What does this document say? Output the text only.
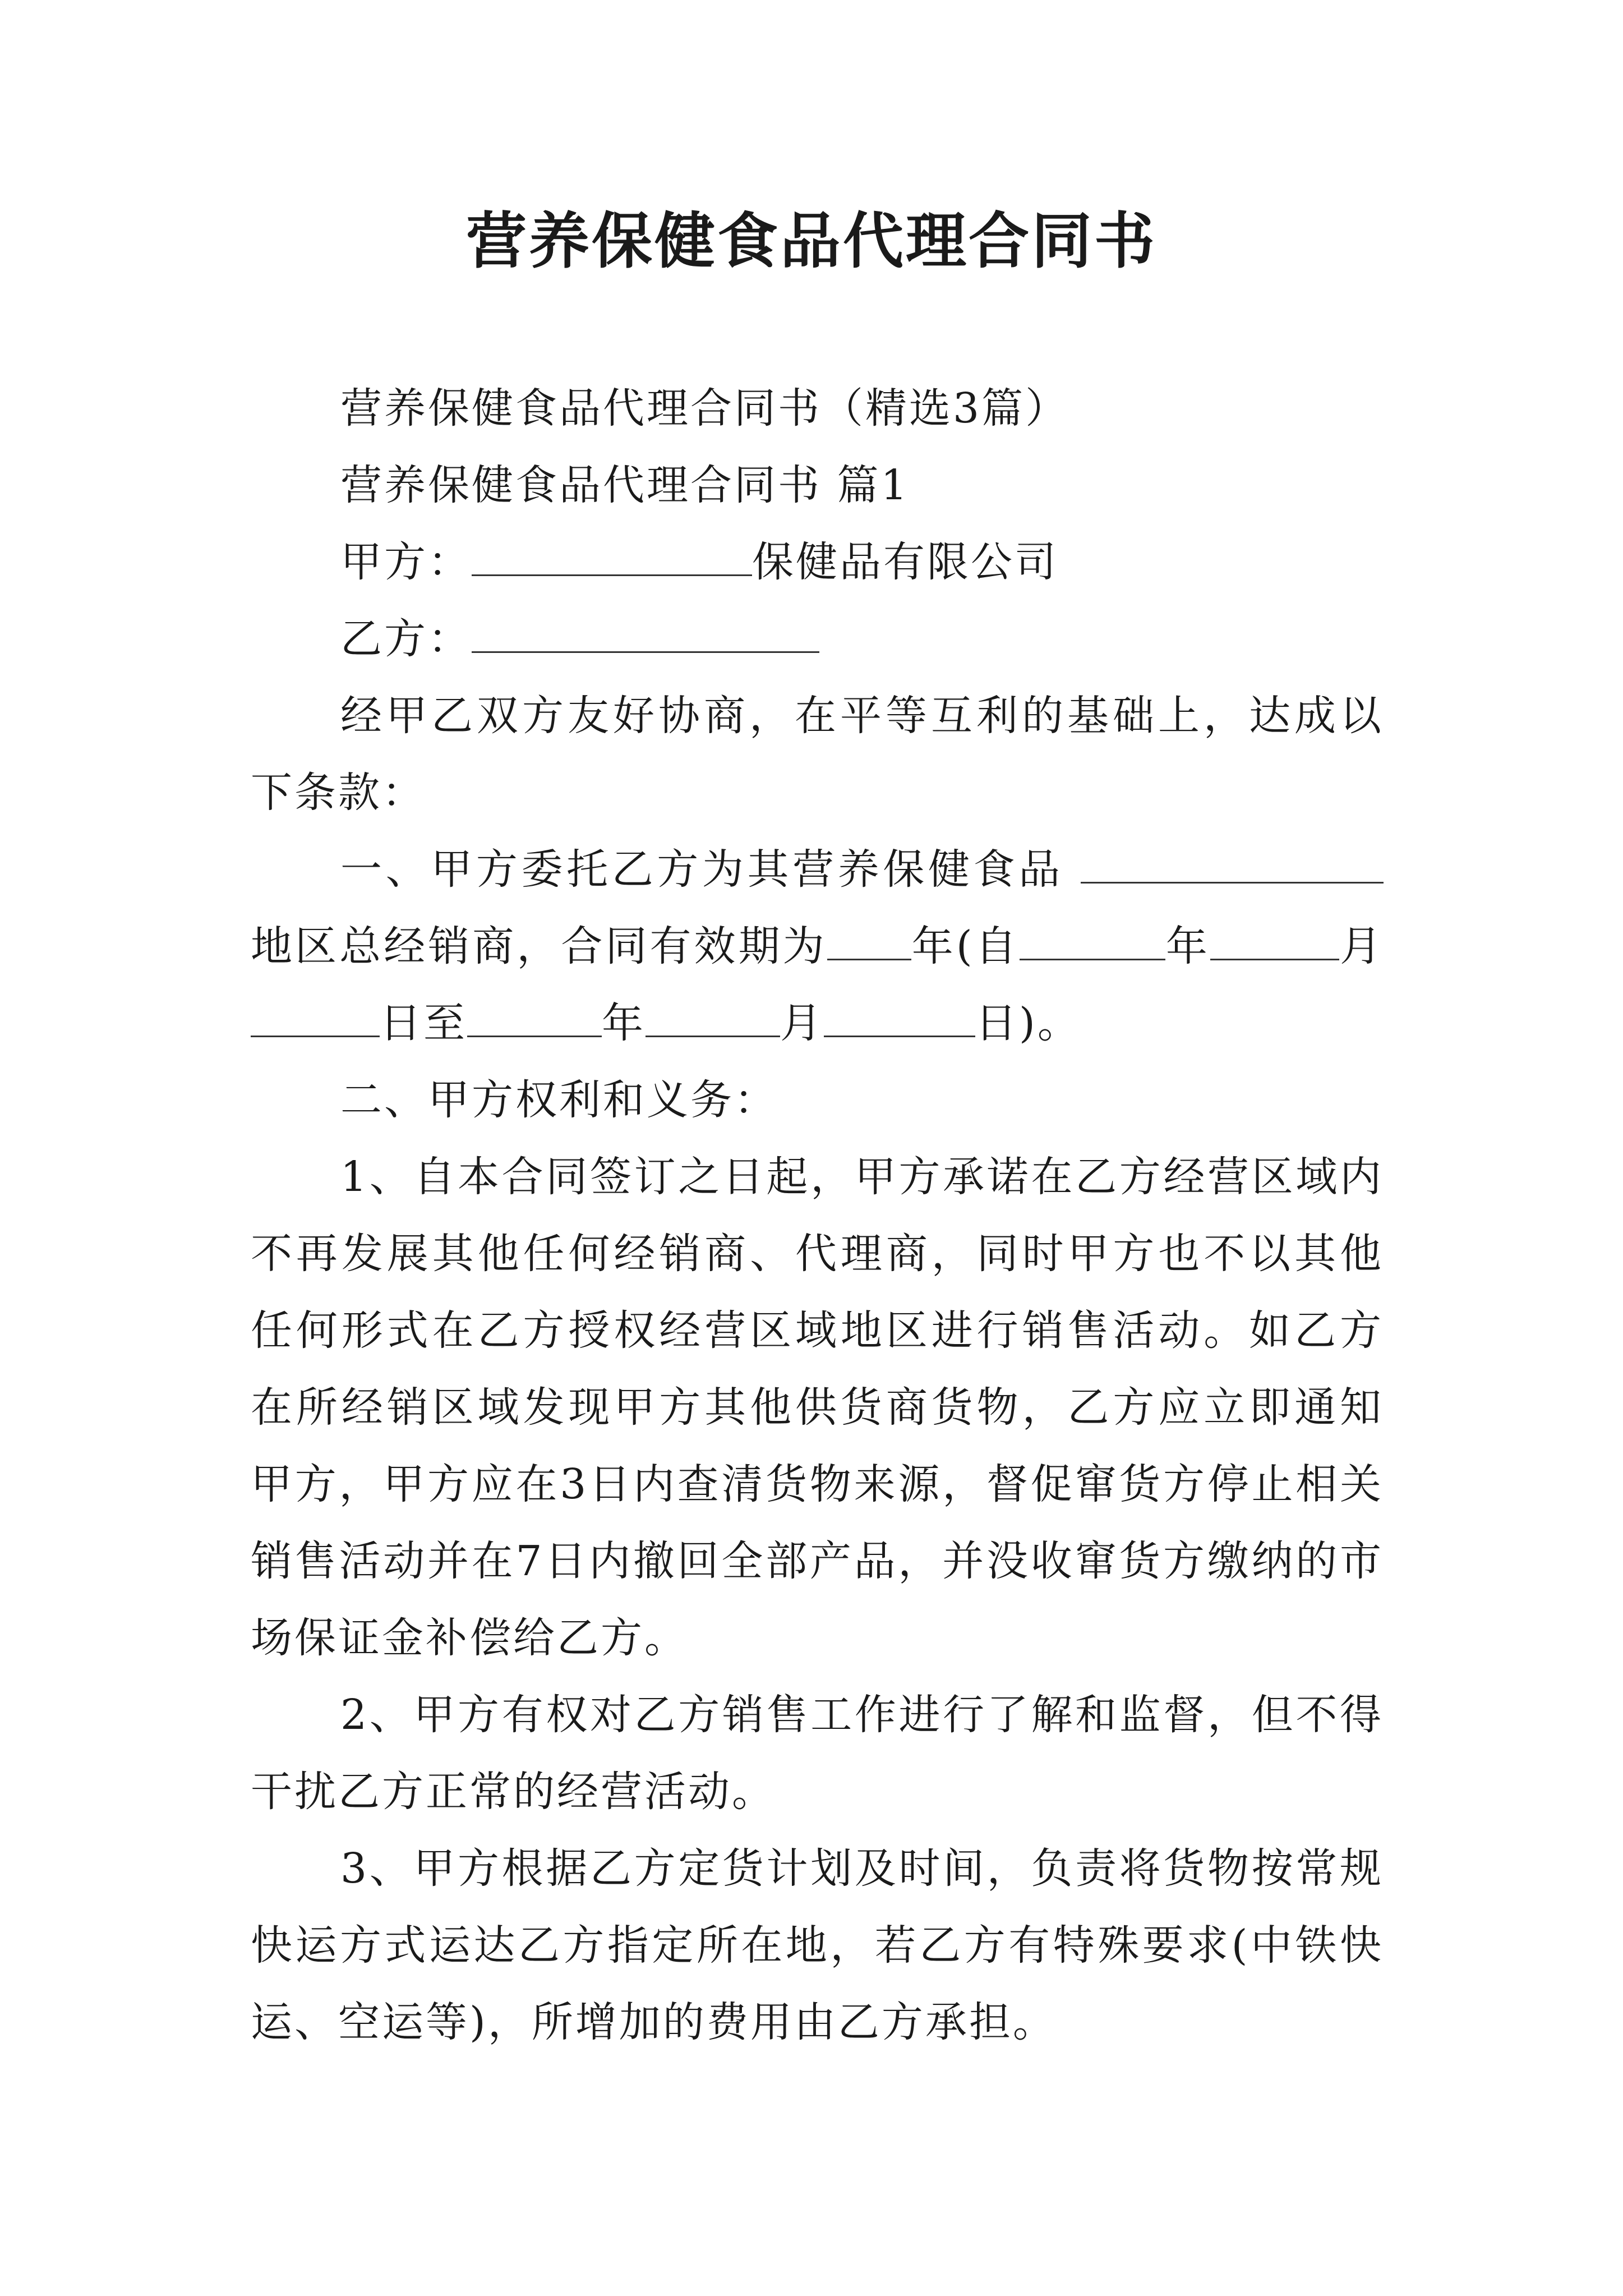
营养保健食品代理合同书

营养保健食品代理合同书（精选3篇）

营养保健食品代理合同书 篇1

甲方：	保健品有限公司

乙方：

经甲乙双方友好协商，在平等互利的基础上，达成以下条款：

一、甲方委托乙方为其营养保健食品 地区总经销商，合同有效期为 年(自	年	月日至	年	月	日)。

二、甲方权利和义务：

1、自本合同签订之日起，甲方承诺在乙方经营区域内不再发展其他任何经销商、代理商，同时甲方也不以其他任何形式在乙方授权经营区域地区进行销售活动。如乙方在所经销区域发现甲方其他供货商货物，乙方应立即通知甲方，甲方应在3日内查清货物来源，督促窜货方停止相关销售活动并在7日内撤回全部产品，并没收窜货方缴纳的市场保证金补偿给乙方。

2、甲方有权对乙方销售工作进行了解和监督，但不得干扰乙方正常的经营活动。

3、甲方根据乙方定货计划及时间，负责将货物按常规快运方式运达乙方指定所在地，若乙方有特殊要求(中铁快运、空运等)，所增加的费用由乙方承担。
